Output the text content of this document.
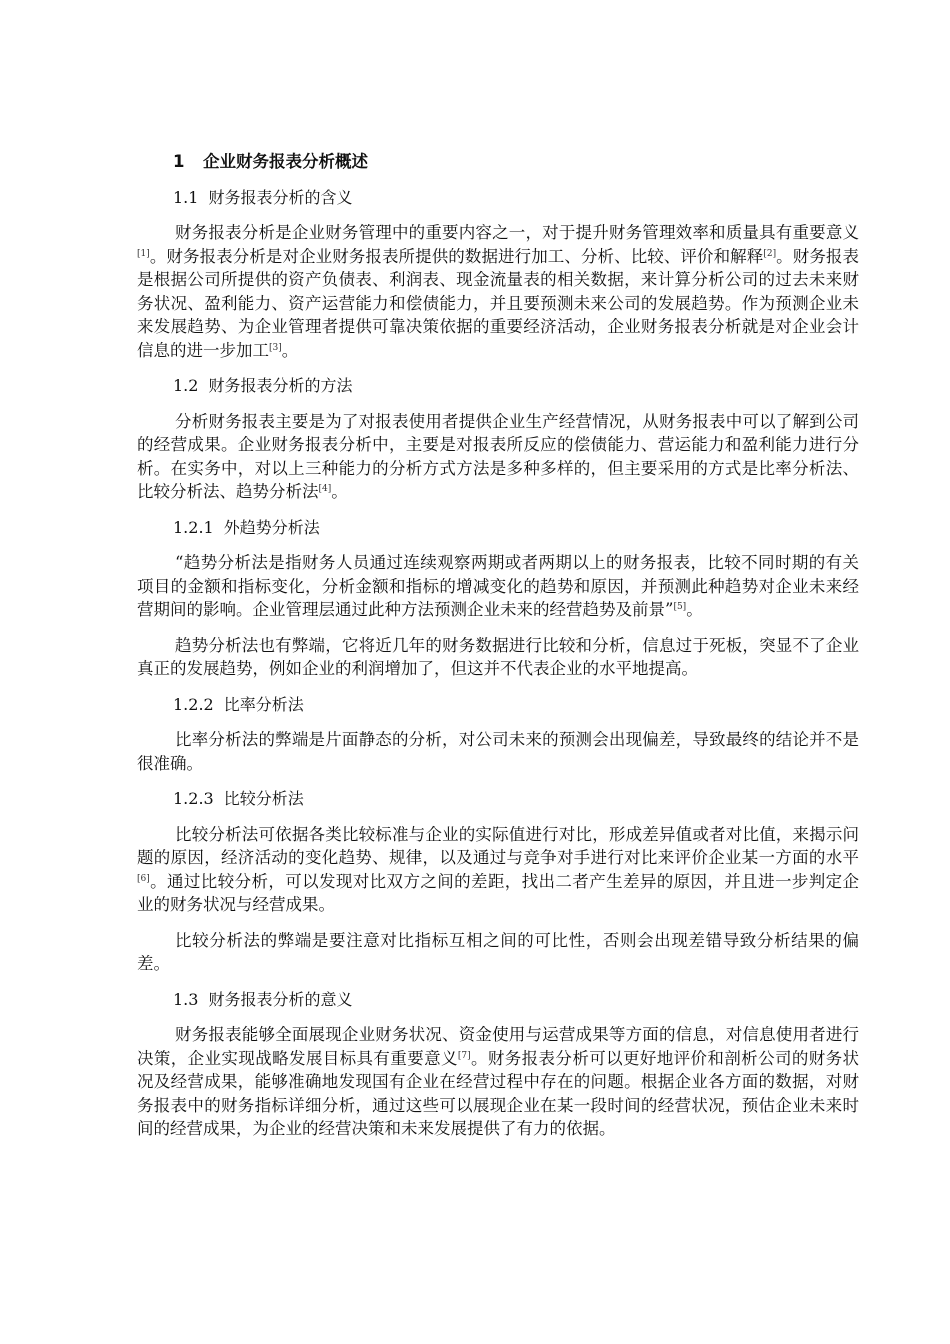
1 企业财务报表分析概述
1.1 财务报表分析的含义
财务报表分析是企业财务管理中的重要内容之一，对于提升财务管理效率和质量具有重要意义[1]。财务报表分析是对企业财务报表所提供的数据进行加工、分析、比较、评价和解释[2]。财务报表是根据公司所提供的资产负债表、利润表、现金流量表的相关数据，来计算分析公司的过去未来财务状况、盈利能力、资产运营能力和偿债能力，并且要预测未来公司的发展趋势。作为预测企业未来发展趋势、为企业管理者提供可靠决策依据的重要经济活动，企业财务报表分析就是对企业会计信息的进一步加工[3]。
1.2 财务报表分析的方法
分析财务报表主要是为了对报表使用者提供企业生产经营情况，从财务报表中可以了解到公司的经营成果。企业财务报表分析中，主要是对报表所反应的偿债能力、营运能力和盈利能力进行分析。在实务中，对以上三种能力的分析方式方法是多种多样的，但主要采用的方式是比率分析法、比较分析法、趋势分析法[4]。
1.2.1 外趋势分析法
“趋势分析法是指财务人员通过连续观察两期或者两期以上的财务报表，比较不同时期的有关项目的金额和指标变化，分析金额和指标的增减变化的趋势和原因，并预测此种趋势对企业未来经营期间的影响。企业管理层通过此种方法预测企业未来的经营趋势及前景”[5]。
趋势分析法也有弊端，它将近几年的财务数据进行比较和分析，信息过于死板，突显不了企业真正的发展趋势，例如企业的利润增加了，但这并不代表企业的水平地提高。
1.2.2 比率分析法
比率分析法的弊端是片面静态的分析，对公司未来的预测会出现偏差，导致最终的结论并不是很准确。
1.2.3 比较分析法
比较分析法可依据各类比较标准与企业的实际值进行对比，形成差异值或者对比值，来揭示问题的原因，经济活动的变化趋势、规律，以及通过与竞争对手进行对比来评价企业某一方面的水平[6]。通过比较分析，可以发现对比双方之间的差距，找出二者产生差异的原因，并且进一步判定企业的财务状况与经营成果。
比较分析法的弊端是要注意对比指标互相之间的可比性，否则会出现差错导致分析结果的偏差。
1.3 财务报表分析的意义
财务报表能够全面展现企业财务状况、资金使用与运营成果等方面的信息，对信息使用者进行决策，企业实现战略发展目标具有重要意义[7]。财务报表分析可以更好地评价和剖析公司的财务状况及经营成果，能够准确地发现国有企业在经营过程中存在的问题。根据企业各方面的数据，对财务报表中的财务指标详细分析，通过这些可以展现企业在某一段时间的经营状况，预估企业未来时间的经营成果，为企业的经营决策和未来发展提供了有力的依据。
